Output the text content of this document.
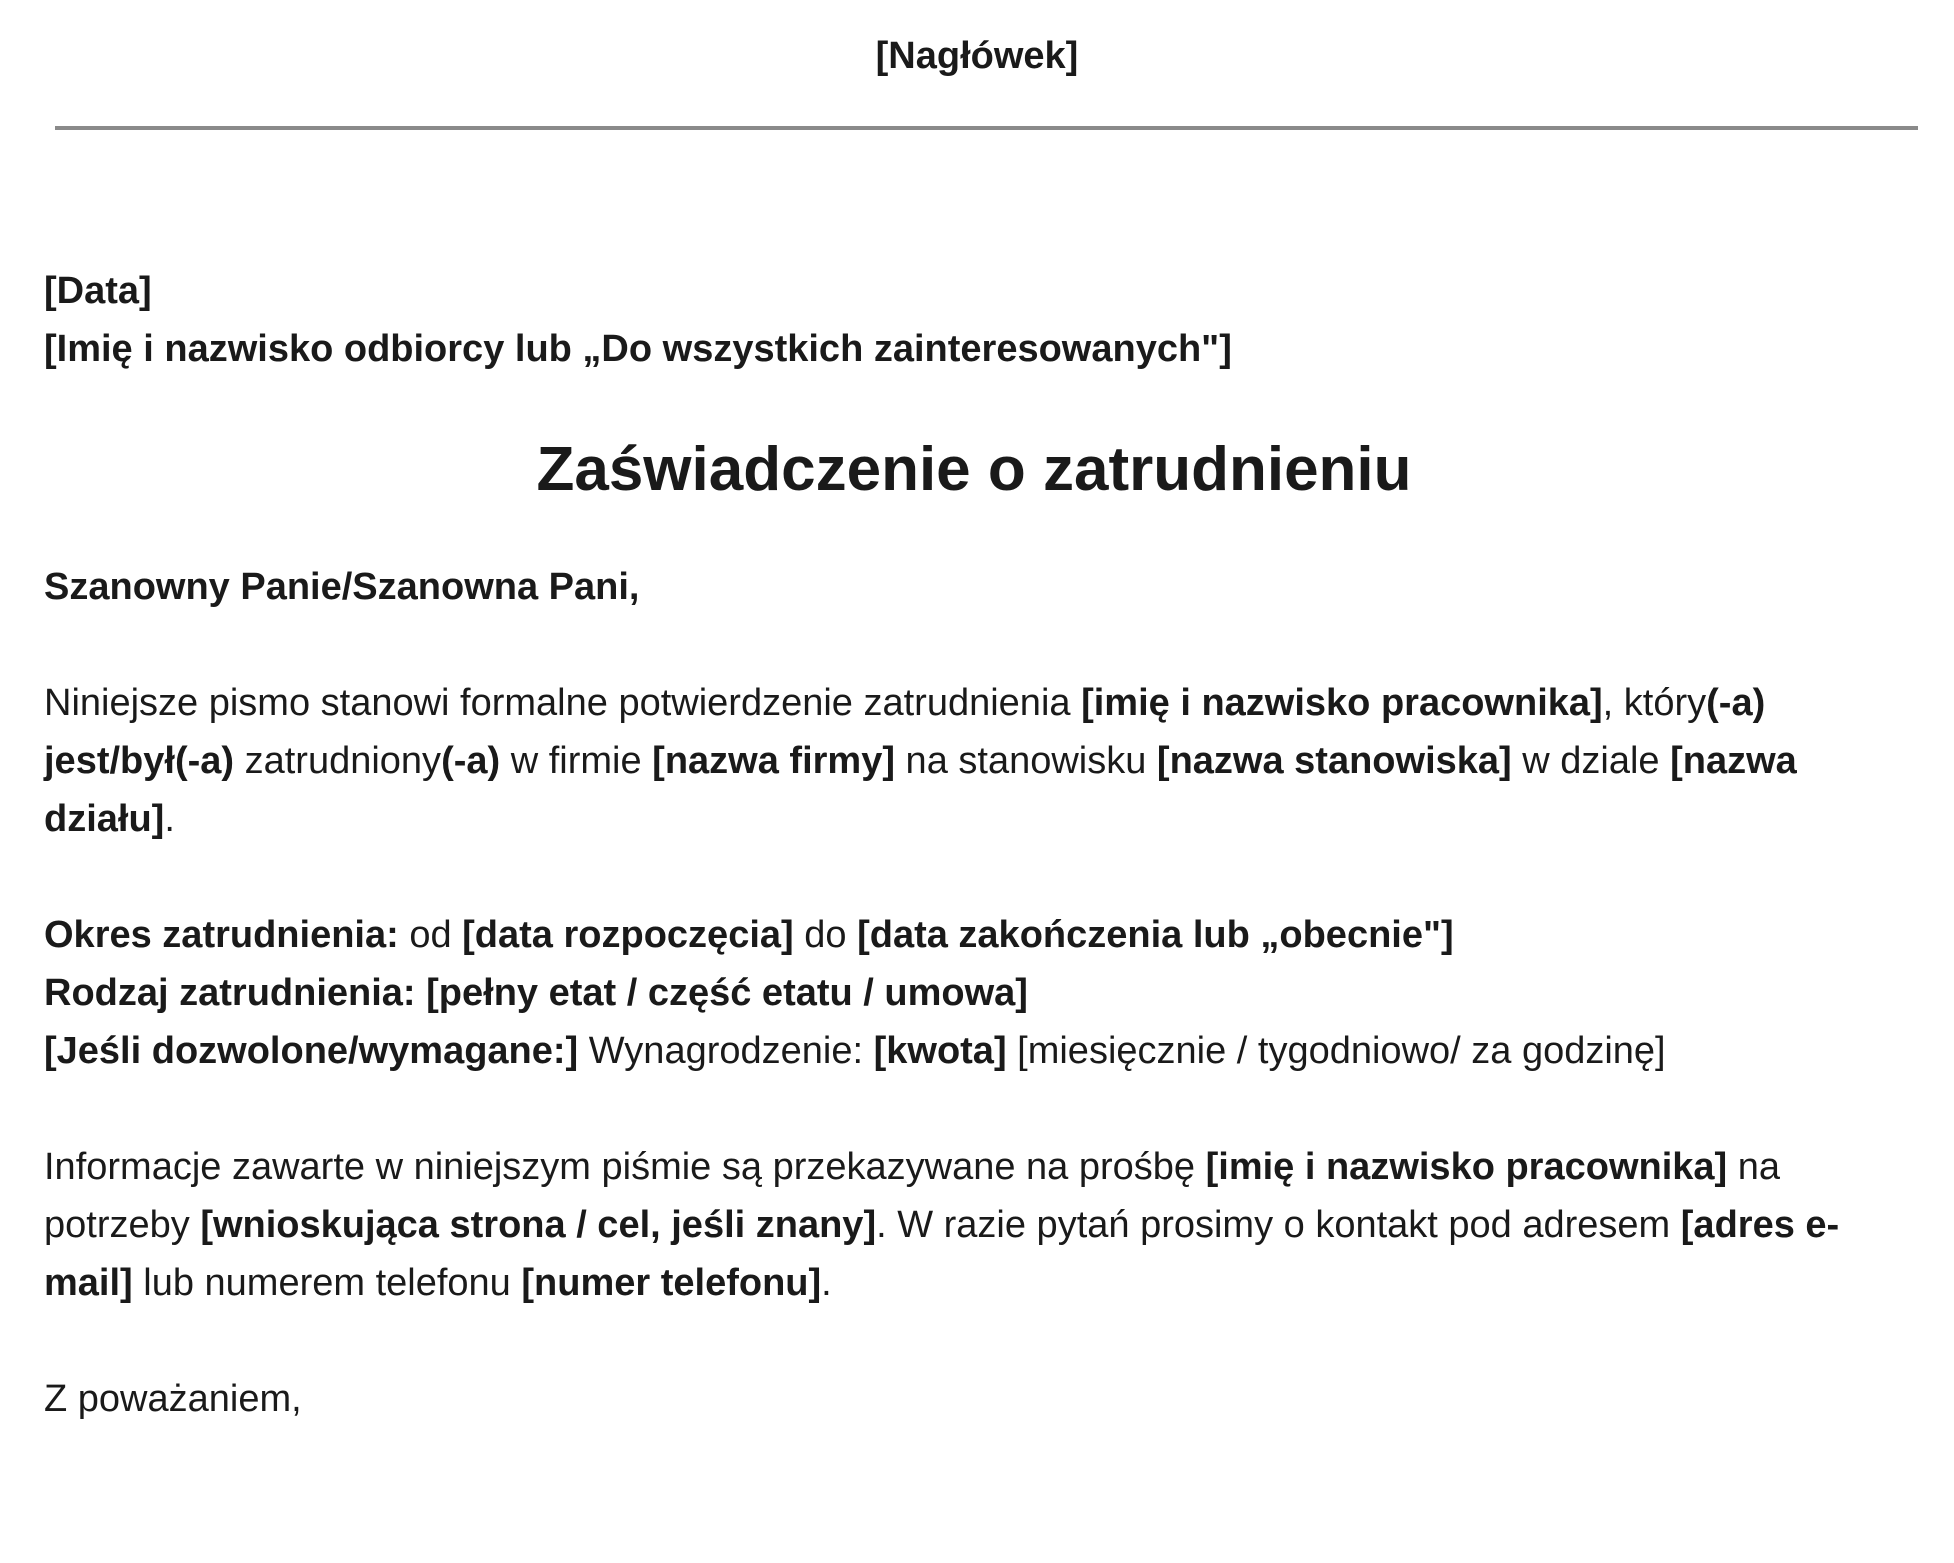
[Nagłówek]
[Data]
[Imię i nazwisko odbiorcy lub „Do wszystkich zainteresowanych"]
Zaświadczenie o zatrudnieniu
Szanowny Panie/Szanowna Pani,
Niniejsze pismo stanowi formalne potwierdzenie zatrudnienia [imię i nazwisko pracownika], który(-a) jest/był(-a) zatrudniony(-a) w firmie [nazwa firmy] na stanowisku [nazwa stanowiska] w dziale [nazwa działu].
Okres zatrudnienia: od [data rozpoczęcia] do [data zakończenia lub „obecnie"]
Rodzaj zatrudnienia: [pełny etat / część etatu / umowa]
[Jeśli dozwolone/wymagane:] Wynagrodzenie: [kwota] [miesięcznie / tygodniowo/ za godzinę]
Informacje zawarte w niniejszym piśmie są przekazywane na prośbę [imię i nazwisko pracownika] na potrzeby [wnioskująca strona / cel, jeśli znany]. W razie pytań prosimy o kontakt pod adresem [adres e-mail] lub numerem telefonu [numer telefonu].
Z poważaniem,
